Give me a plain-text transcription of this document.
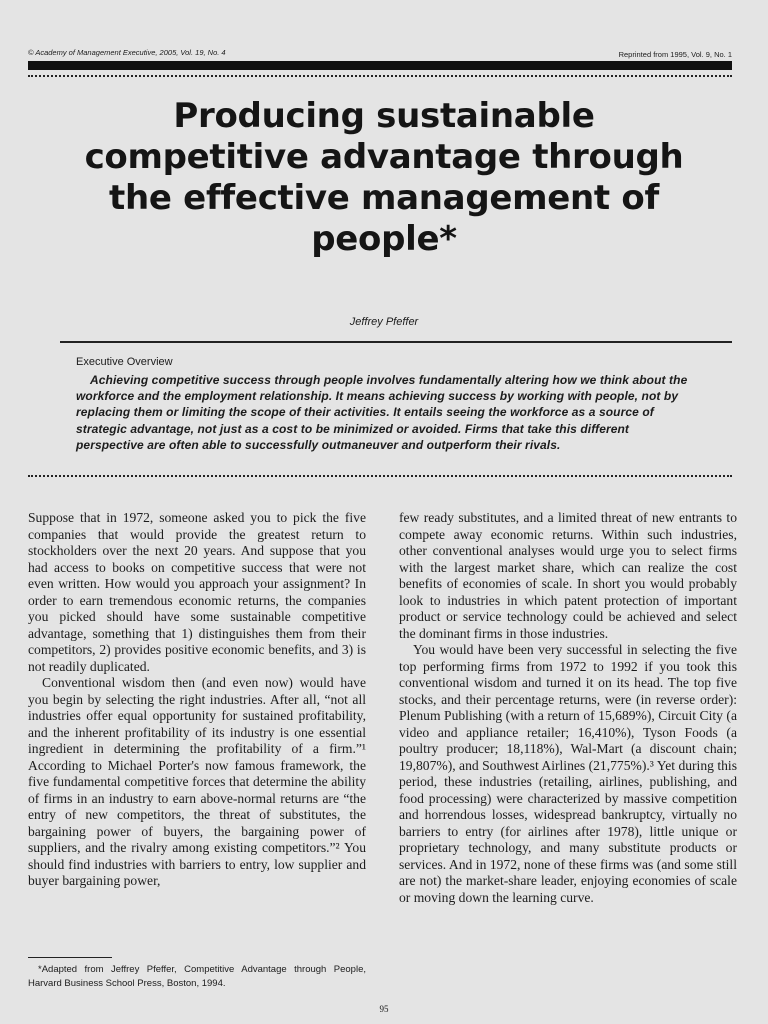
© Academy of Management Executive, 2005, Vol. 19, No. 4	Reprinted from 1995, Vol. 9, No. 1
Producing sustainable competitive advantage through the effective management of people*
Jeffrey Pfeffer
Executive Overview
Achieving competitive success through people involves fundamentally altering how we think about the workforce and the employment relationship. It means achieving success by working with people, not by replacing them or limiting the scope of their activities. It entails seeing the workforce as a source of strategic advantage, not just as a cost to be minimized or avoided. Firms that take this different perspective are often able to successfully outmaneuver and outperform their rivals.

Suppose that in 1972, someone asked you to pick the five companies that would provide the greatest return to stockholders over the next 20 years. And suppose that you had access to books on competitive success that were not even written. How would you approach your assignment? In order to earn tremendous economic returns, the companies you picked should have some sustainable competitive advantage, something that 1) distinguishes them from their competitors, 2) provides positive economic benefits, and 3) is not readily duplicated.

Conventional wisdom then (and even now) would have you begin by selecting the right industries. After all, “not all industries offer equal opportunity for sustained profitability, and the inherent profitability of its industry is one essential ingredient in determining the profitability of a firm.”¹ According to Michael Porter's now famous framework, the five fundamental competitive forces that determine the ability of firms in an industry to earn above-normal returns are “the entry of new competitors, the threat of substitutes, the bargaining power of buyers, the bargaining power of suppliers, and the rivalry among existing competitors.”² You should find industries with barriers to entry, low supplier and buyer bargaining power,

few ready substitutes, and a limited threat of new entrants to compete away economic returns. Within such industries, other conventional analyses would urge you to select firms with the largest market share, which can realize the cost benefits of economies of scale. In short you would probably look to industries in which patent protection of important product or service technology could be achieved and select the dominant firms in those industries.

You would have been very successful in selecting the five top performing firms from 1972 to 1992 if you took this conventional wisdom and turned it on its head. The top five stocks, and their percentage returns, were (in reverse order): Plenum Publishing (with a return of 15,689%), Circuit City (a video and appliance retailer; 16,410%), Tyson Foods (a poultry producer; 18,118%), Wal-Mart (a discount chain; 19,807%), and Southwest Airlines (21,775%).³ Yet during this period, these industries (retailing, airlines, publishing, and food processing) were characterized by massive competition and horrendous losses, widespread bankruptcy, virtually no barriers to entry (for airlines after 1978), little unique or proprietary technology, and many substitute products or services. And in 1972, none of these firms was (and some still are not) the market-share leader, enjoying economies of scale or moving down the learning curve.

*Adapted from Jeffrey Pfeffer, Competitive Advantage through People, Harvard Business School Press, Boston, 1994.
95
